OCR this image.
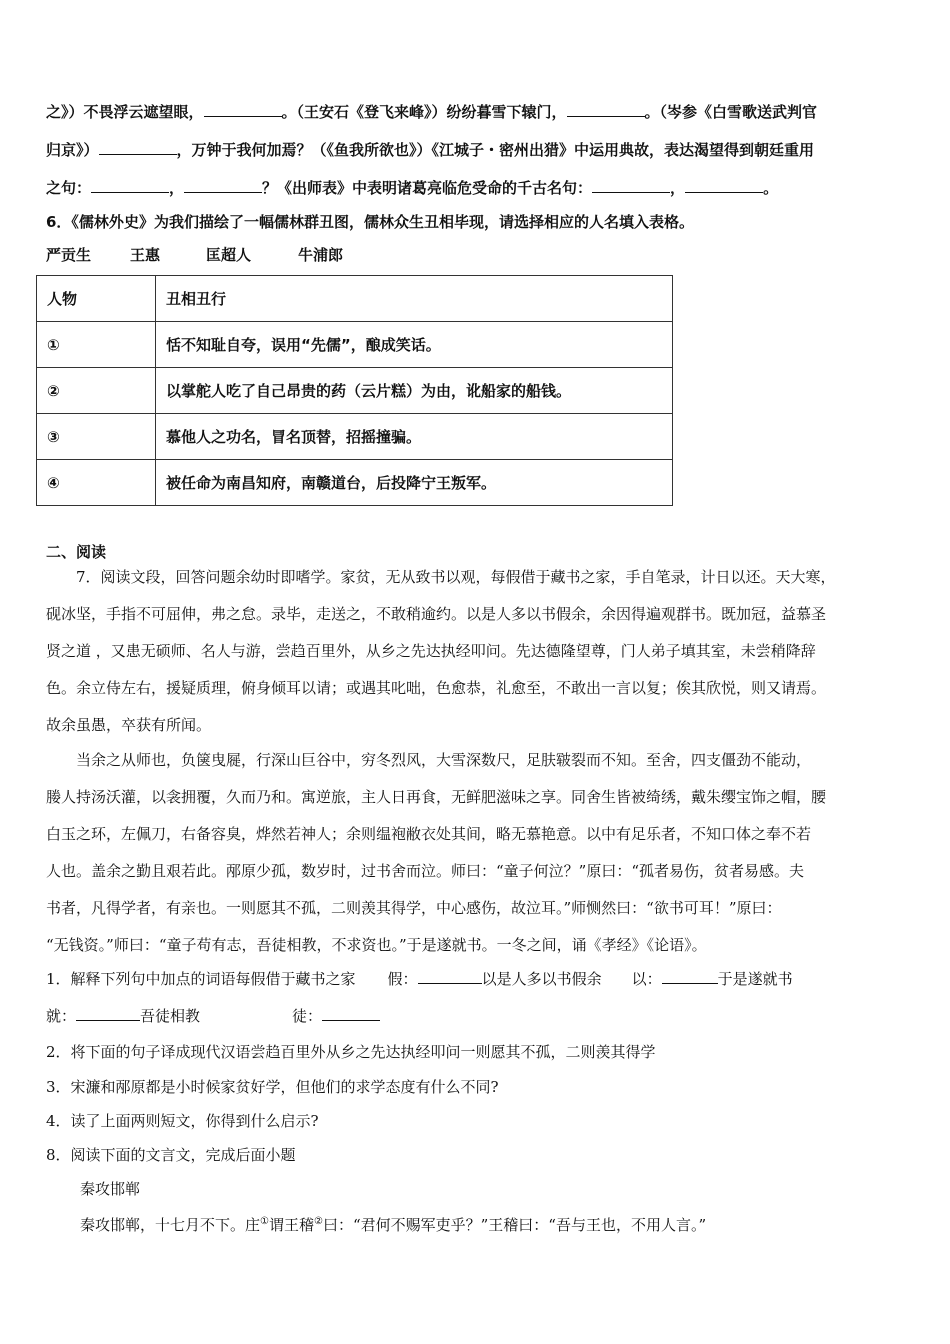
之》）不畏浮云遮望眼，	。（王安石《登飞来峰》）纷纷暮雪下辕门，	。（岑参《白雪歌送武判官
归京》）	，万钟于我何加焉？（《鱼我所欲也》）《江城子・密州出猎》中运用典故，表达渴望得到朝廷重用
之句：	，	？《出师表》中表明诸葛亮临危受命的千古名句：	，	。
6．《儒林外史》为我们描绘了一幅儒林群丑图，儒林众生丑相毕现，请选择相应的人名填入表格。
严贡生	王惠	匡超人	牛浦郎
人物	丑相丑行
①	恬不知耻自夸，误用“先儒”，酿成笑话。
②	以掌舵人吃了自己昂贵的药（云片糕）为由，讹船家的船钱。
③	慕他人之功名，冒名顶替，招摇撞骗。
④	被任命为南昌知府，南赣道台，后投降宁王叛军。
二、阅读
7．阅读文段，回答问题余幼时即嗜学。家贫，无从致书以观，每假借于藏书之家，手自笔录，计日以还。天大寒，
砚冰坚，手指不可屈伸，弗之怠。录毕，走送之，不敢稍逾约。以是人多以书假余，余因得遍观群书。既加冠，益慕圣
贤之道 ，又患无硕师、名人与游，尝趋百里外，从乡之先达执经叩问。先达德隆望尊，门人弟子填其室，未尝稍降辞
色。余立侍左右，援疑质理，俯身倾耳以请；或遇其叱咄，色愈恭，礼愈至，不敢出一言以复；俟其欣悦，则又请焉。
故余虽愚，卒获有所闻。
当余之从师也，负箧曳屣，行深山巨谷中，穷冬烈风，大雪深数尺，足肤皲裂而不知。至舍，四支僵劲不能动，
媵人持汤沃灌，以衾拥覆，久而乃和。寓逆旅，主人日再食，无鲜肥滋味之享。同舍生皆被绮绣，戴朱缨宝饰之帽，腰
白玉之环，左佩刀，右备容臭，烨然若神人；余则缊袍敝衣处其间，略无慕艳意。以中有足乐者，不知口体之奉不若
人也。盖余之勤且艰若此。邴原少孤，数岁时，过书舍而泣。师曰：“童子何泣？”原曰：“孤者易伤，贫者易感。夫
书者，凡得学者，有亲也。一则愿其不孤，二则羡其得学，中心感伤，故泣耳。”师恻然曰：“欲书可耳！”原曰：
“无钱资。”师曰：“童子苟有志，吾徒相教，不求资也。”于是遂就书。一冬之间，诵《孝经》《论语》。
1．解释下列句中加点的词语每假借于藏书之家 假：	以是人多以书假余 以：	于是遂就书
就：	吾徒相教	徒：
2．将下面的句子译成现代汉语尝趋百里外从乡之先达执经叩问一则愿其不孤，二则羡其得学
3．宋濂和邴原都是小时候家贫好学，但他们的求学态度有什么不同?
4．读了上面两则短文，你得到什么启示?
8．阅读下面的文言文，完成后面小题
秦攻邯郸
秦攻邯郸，十七月不下。庄①谓王稽②曰：“君何不赐军吏乎？”王稽曰：“吾与王也，不用人言。”
